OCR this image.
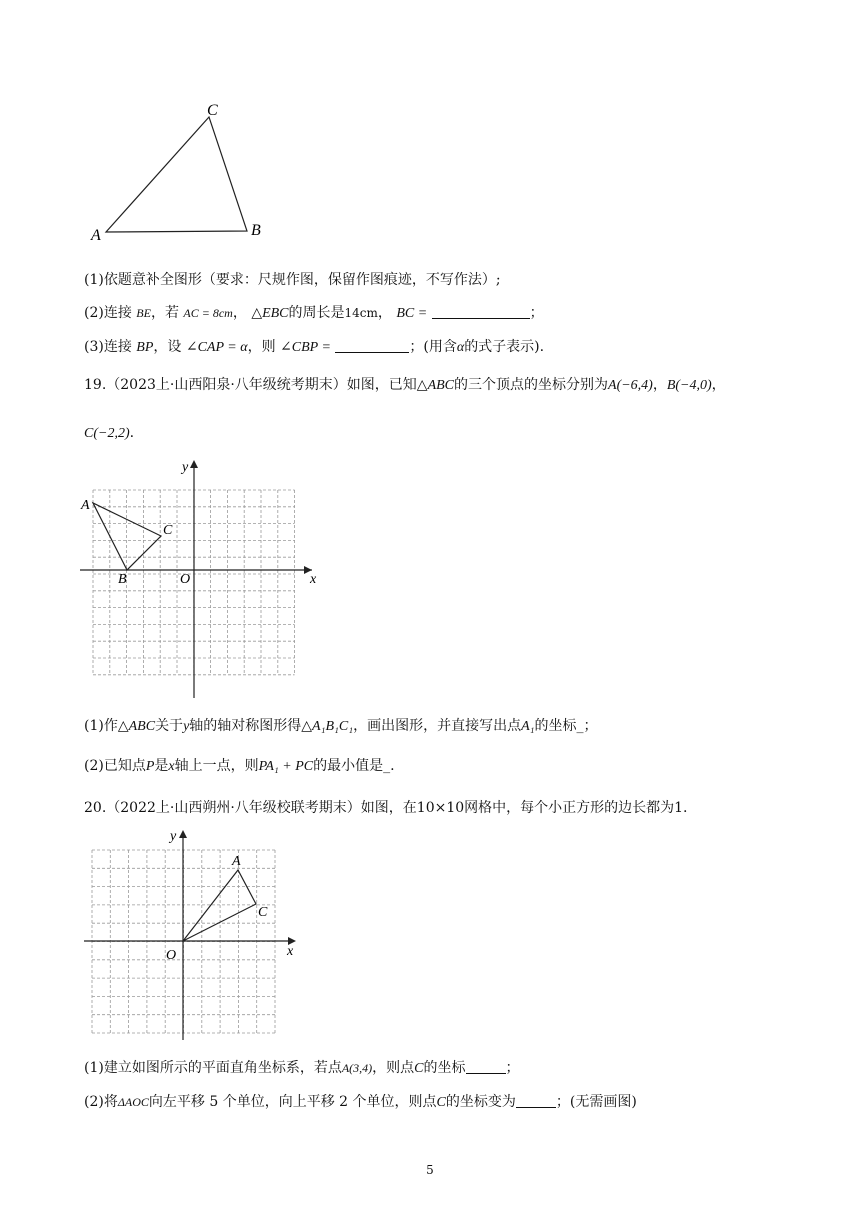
A	B
C
(1)依题意补全图形（要求：尺规作图，保留作图痕迹，不写作法）;
(2)连接 BE，若 AC = 8cm， △EBC的周长是14cm， BC =	；
(3)连接 BP，设 ∠CAP = α，则 ∠CBP =	；(用含α的式子表示).
19.（2023上·山西阳泉·八年级统考期末）如图，已知△ABC的三个顶点的坐标分别为A(−6,4)，B(−4,0)，
C(−2,2).
A
B
C
O	x
y
(1)作△ABC关于y轴的轴对称图形得△A₁B₁C₁，画出图形，并直接写出点A₁的坐标_；
(2)已知点P是x轴上一点，则PA₁ + PC的最小值是_.
20.（2022上·山西朔州·八年级校联考期末）如图，在10×10网格中，每个小正方形的边长都为1.
A
C
O	x
y
(1)建立如图所示的平面直角坐标系，若点A(3,4)，则点C的坐标	；
(2)将ΔAOC向左平移 5 个单位，向上平移 2 个单位，则点C的坐标变为	；(无需画图)
5
